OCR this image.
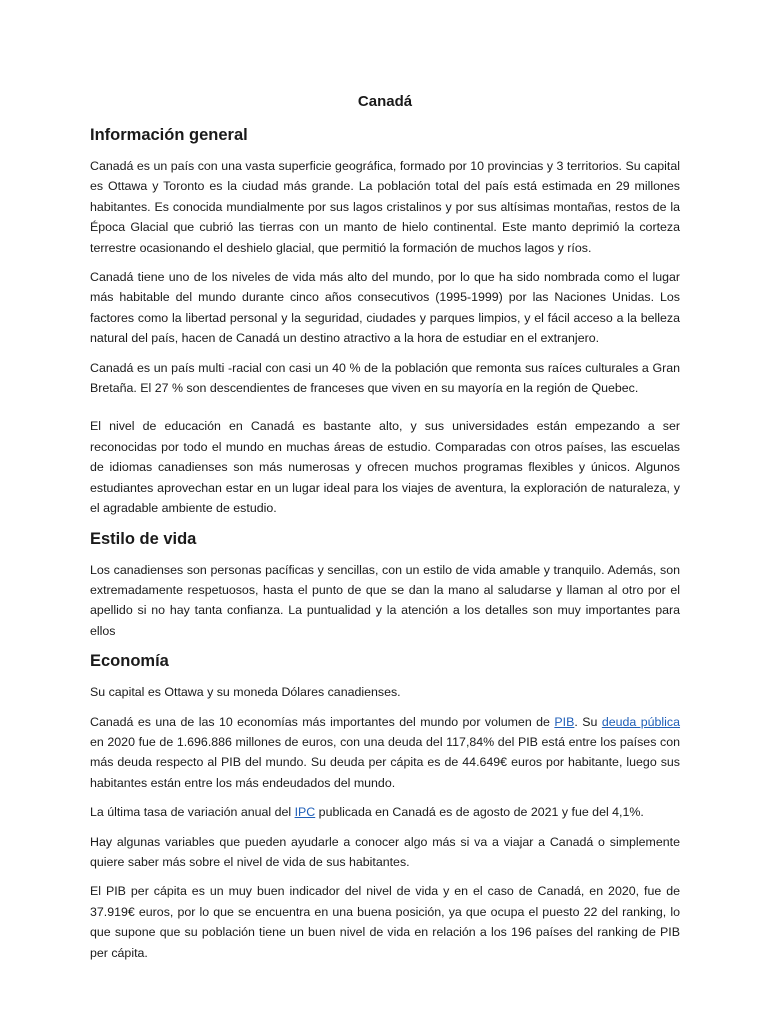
Canadá
Información general

Canadá es un país con una vasta superficie geográfica, formado por 10 provincias y 3 territorios. Su capital es Ottawa y Toronto es la ciudad más grande. La población total del país está estimada en 29 millones habitantes. Es conocida mundialmente por sus lagos cristalinos y por sus altísimas montañas, restos de la Época Glacial que cubrió las tierras con un manto de hielo continental. Este manto deprimió la corteza terrestre ocasionando el deshielo glacial, que permitió la formación de muchos lagos y ríos.

Canadá tiene uno de los niveles de vida más alto del mundo, por lo que ha sido nombrada como el lugar más habitable del mundo durante cinco años consecutivos (1995-1999) por las Naciones Unidas. Los factores como la libertad personal y la seguridad, ciudades y parques limpios, y el fácil acceso a la belleza natural del país, hacen de Canadá un destino atractivo a la hora de estudiar en el extranjero.

Canadá es un país multi -racial con casi un 40 % de la población que remonta sus raíces culturales a Gran Bretaña. El 27 % son descendientes de franceses que viven en su mayoría en la región de Quebec.

El nivel de educación en Canadá es bastante alto, y sus universidades están empezando a ser reconocidas por todo el mundo en muchas áreas de estudio. Comparadas con otros países, las escuelas de idiomas canadienses son más numerosas y ofrecen muchos programas flexibles y únicos. Algunos estudiantes aprovechan estar en un lugar ideal para los viajes de aventura, la exploración de naturaleza, y el agradable ambiente de estudio.

Estilo de vida

Los canadienses son personas pacíficas y sencillas, con un estilo de vida amable y tranquilo. Además, son extremadamente respetuosos, hasta el punto de que se dan la mano al saludarse y llaman al otro por el apellido si no hay tanta confianza. La puntualidad y la atención a los detalles son muy importantes para ellos

Economía

Su capital es Ottawa y su moneda Dólares canadienses.

Canadá es una de las 10 economías más importantes del mundo por volumen de PIB. Su deuda pública en 2020 fue de 1.696.886 millones de euros, con una deuda del 117,84% del PIB está entre los países con más deuda respecto al PIB del mundo. Su deuda per cápita es de 44.649€ euros por habitante, luego sus habitantes están entre los más endeudados del mundo.

La última tasa de variación anual del IPC publicada en Canadá es de agosto de 2021 y fue del 4,1%.

Hay algunas variables que pueden ayudarle a conocer algo más si va a viajar a Canadá o simplemente quiere saber más sobre el nivel de vida de sus habitantes.

El PIB per cápita es un muy buen indicador del nivel de vida y en el caso de Canadá, en 2020, fue de 37.919€ euros, por lo que se encuentra en una buena posición, ya que ocupa el puesto 22 del ranking, lo que supone que su población tiene un buen nivel de vida en relación a los 196 países del ranking de PIB per cápita.
